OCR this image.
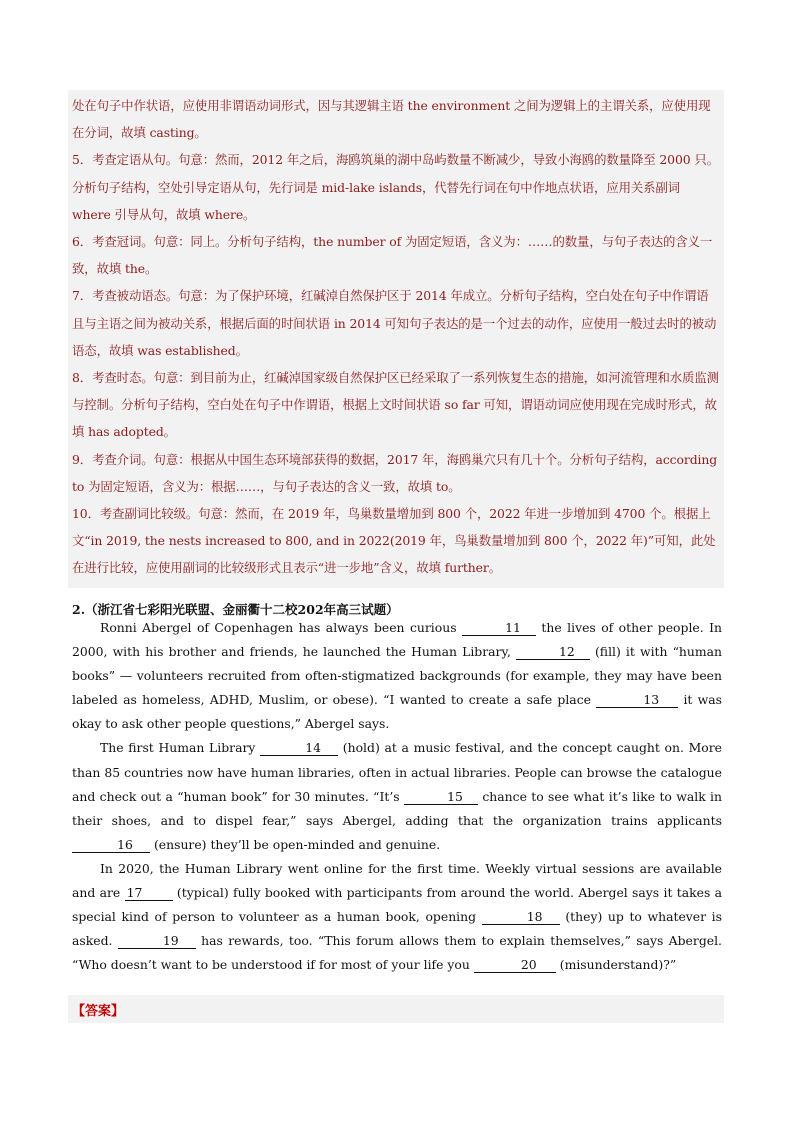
处在句子中作状语，应使用非谓语动词形式，因与其逻辑主语 the environment 之间为逻辑上的主谓关系，应使用现在分词，故填 casting。

5．考查定语从句。句意：然而，2012 年之后，海鸥筑巢的湖中岛屿数量不断减少，导致小海鸥的数量降至 2000 只。分析句子结构，空处引导定语从句，先行词是 mid-lake islands，代替先行词在句中作地点状语，应用关系副词 where 引导从句，故填 where。

6．考查冠词。句意：同上。分析句子结构，the number of 为固定短语，含义为：……的数量，与句子表达的含义一致，故填 the。

7．考查被动语态。句意：为了保护环境，红碱淖自然保护区于 2014 年成立。分析句子结构，空白处在句子中作谓语且与主语之间为被动关系，根据后面的时间状语 in 2014 可知句子表达的是一个过去的动作，应使用一般过去时的被动语态，故填 was established。

8．考查时态。句意：到目前为止，红碱淖国家级自然保护区已经采取了一系列恢复生态的措施，如河流管理和水质监测与控制。分析句子结构，空白处在句子中作谓语，根据上文时间状语 so far 可知，谓语动词应使用现在完成时形式，故填 has adopted。

9．考查介词。句意：根据从中国生态环境部获得的数据，2017 年，海鸥巢穴只有几十个。分析句子结构，according to 为固定短语，含义为：根据……，与句子表达的含义一致，故填 to。

10．考查副词比较级。句意：然而，在 2019 年，鸟巢数量增加到 800 个，2022 年进一步增加到 4700 个。根据上文“in 2019, the nests increased to 800, and in 2022(2019 年，鸟巢数量增加到 800 个，2022 年)”可知，此处在进行比较，应使用副词的比较级形式且表示“进一步地”含义，故填 further。

2.（浙江省七彩阳光联盟、金丽衢十二校202年高三试题）

Ronni Abergel of Copenhagen has always been curious	11 the lives of other people. In 2000, with his brother and friends, he launched the Human Library,	12 (fill) it with “human books” — volunteers recruited from often-stigmatized backgrounds (for example, they may have been labeled as homeless, ADHD, Muslim, or obese). “I wanted to create a safe place	13 it was okay to ask other people questions,” Abergel says.

The first Human Library	14 (hold) at a music festival, and the concept caught on. More than 85 countries now have human libraries, often in actual libraries. People can browse the catalogue and check out a “human book” for 30 minutes. “It’s	15 chance to see what it’s like to walk in their shoes, and to dispel fear,” says Abergel, adding that the organization trains applicants 16 (ensure) they’ll be open-minded and genuine.

In 2020, the Human Library went online for the first time. Weekly virtual sessions are available and are 17 (typical) fully booked with participants from around the world. Abergel says it takes a special kind of person to volunteer as a human book, opening	18 (they) up to whatever is asked.	19 has rewards, too. “This forum allows them to explain themselves,” says Abergel. “Who doesn’t want to be understood if for most of your life you	20 (misunderstand)?”

【答案】
